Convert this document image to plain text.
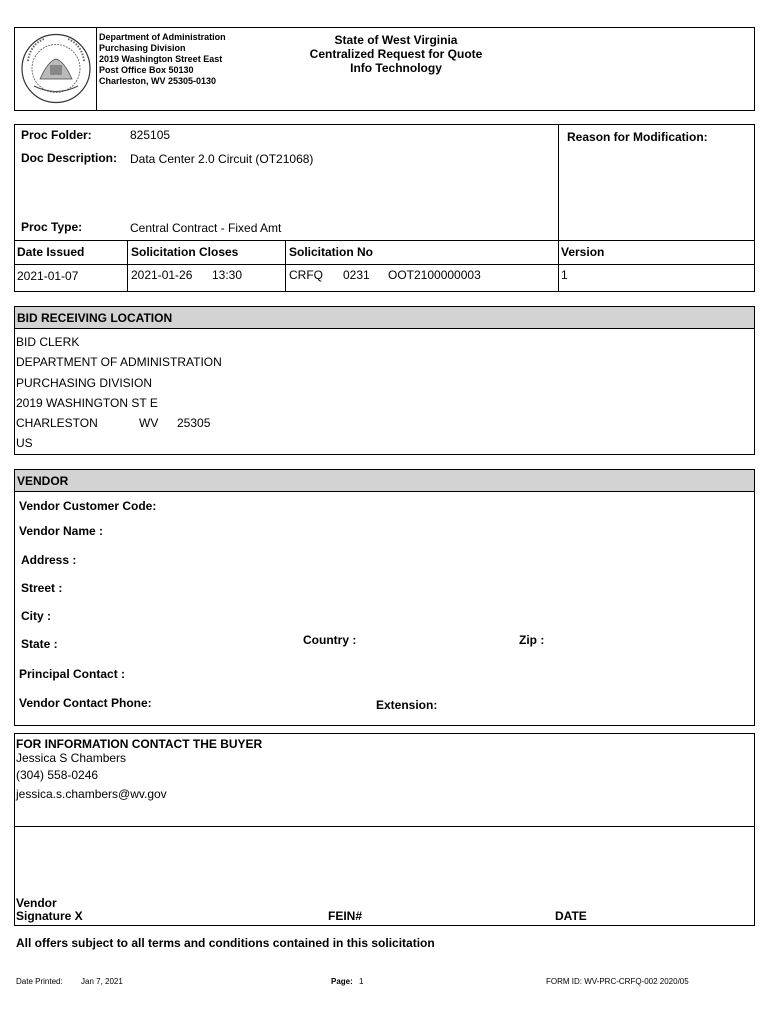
Department of Administration
Purchasing Division
2019 Washington Street East
Post Office Box 50130
Charleston, WV 25305-0130
State of West Virginia
Centralized Request for Quote
Info Technology
Proc Folder:	825105	Reason for Modification:
Doc Description: Data Center 2.0 Circuit (OT21068)
Proc Type:	Central Contract - Fixed Amt
Date Issued	Solicitation Closes	Solicitation No	Version
2021-01-07	2021-01-26 13:30	CRFQ 0231 OOT2100000003	1
BID RECEIVING LOCATION
BID CLERK
DEPARTMENT OF ADMINISTRATION
PURCHASING DIVISION
2019 WASHINGTON ST E
CHARLESTON	WV 25305
US
VENDOR
Vendor Customer Code:
Vendor Name :
Address :
Street :
City :
State :	Country :	Zip :
Principal Contact :
Vendor Contact Phone:	Extension:
FOR INFORMATION CONTACT THE BUYER
Jessica S Chambers
(304) 558-0246
jessica.s.chambers@wv.gov
Vendor
Signature X	FEIN#	DATE
All offers subject to all terms and conditions contained in this solicitation
Date Printed: Jan 7, 2021	Page: 1	FORM ID: WV-PRC-CRFQ-002 2020/05
